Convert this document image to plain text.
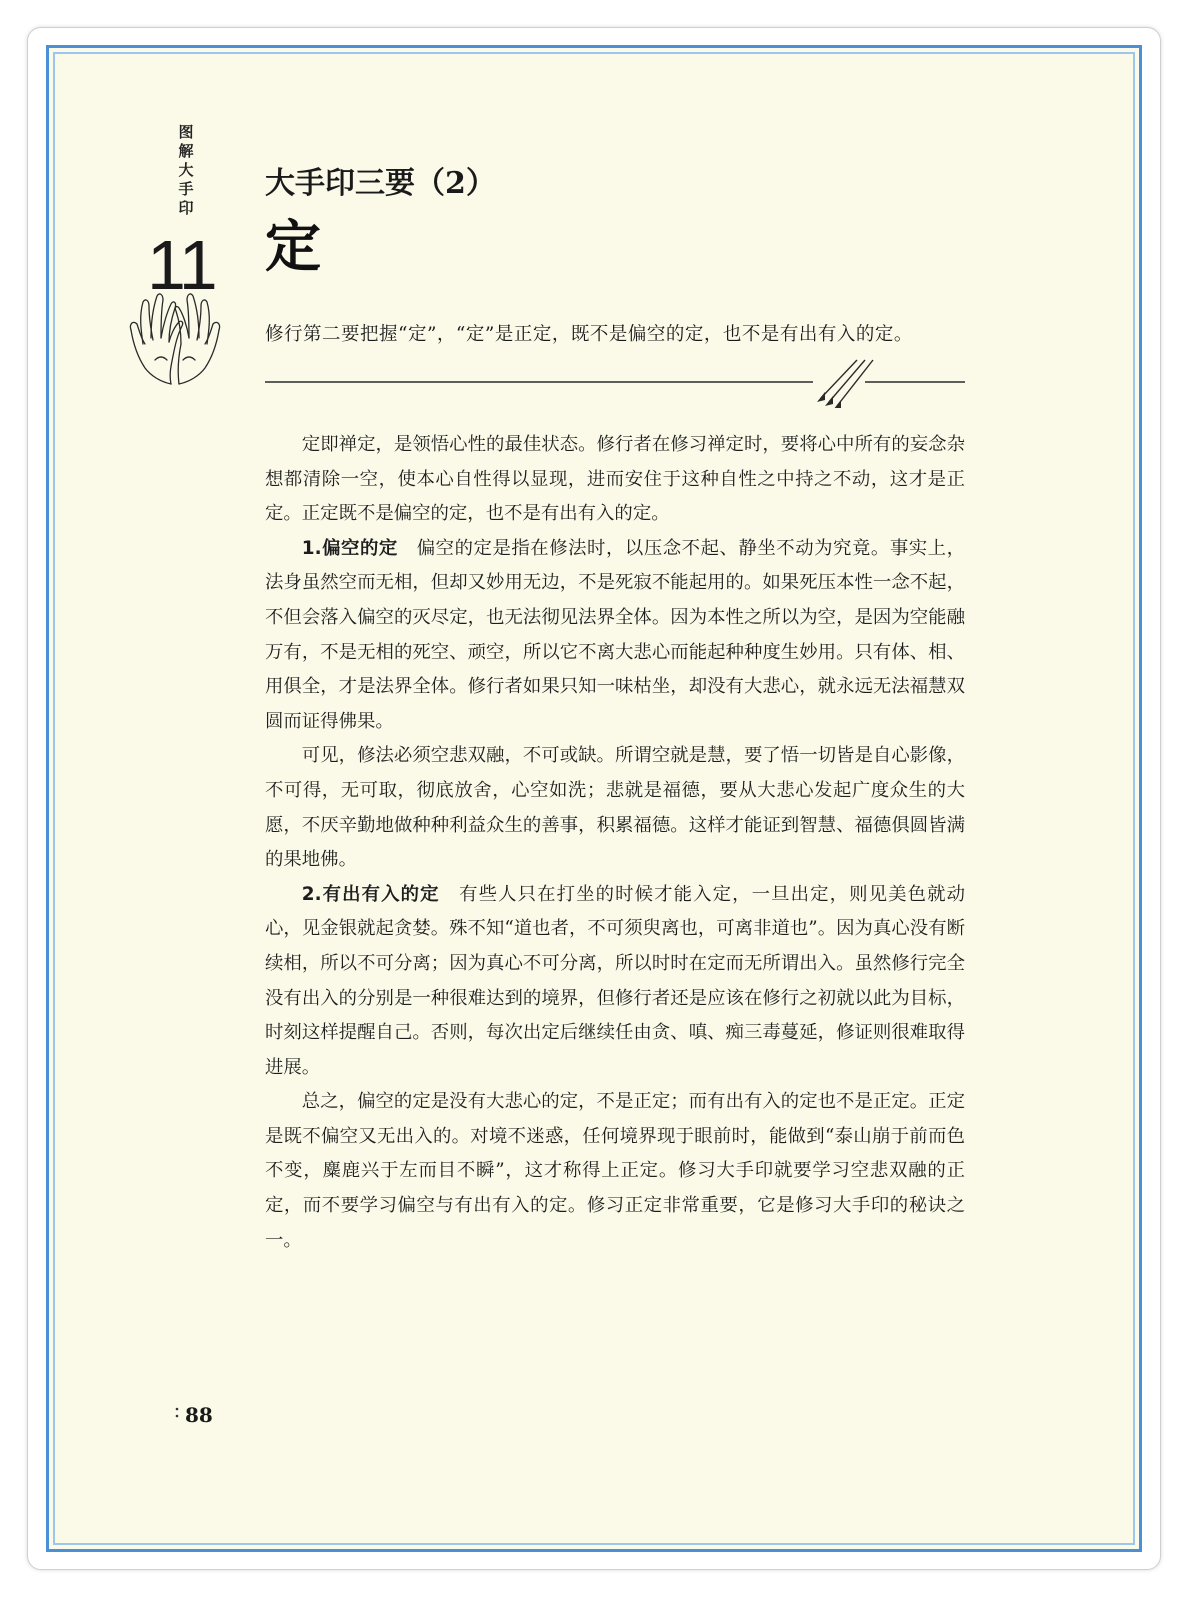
图解大手印
11
大手印三要（2）
定
修行第二要把握“定”，“定”是正定，既不是偏空的定，也不是有出有入的定。

定即禅定，是领悟心性的最佳状态。修行者在修习禅定时，要将心中所有的妄念杂想都清除一空，使本心自性得以显现，进而安住于这种自性之中持之不动，这才是正定。正定既不是偏空的定，也不是有出有入的定。

1.偏空的定　 偏空的定是指在修法时，以压念不起、静坐不动为究竟。事实上，法身虽然空而无相，但却又妙用无边，不是死寂不能起用的。如果死压本性一念不起，不但会落入偏空的灭尽定，也无法彻见法界全体。因为本性之所以为空，是因为空能融万有，不是无相的死空、顽空，所以它不离大悲心而能起种种度生妙用。只有体、相、用俱全，才是法界全体。修行者如果只知一味枯坐，却没有大悲心，就永远无法福慧双圆而证得佛果。

可见，修法必须空悲双融，不可或缺。所谓空就是慧，要了悟一切皆是自心影像，不可得，无可取，彻底放舍，心空如洗；悲就是福德，要从大悲心发起广度众生的大愿，不厌辛勤地做种种利益众生的善事，积累福德。这样才能证到智慧、福德俱圆皆满的果地佛。

2.有出有入的定　 有些人只在打坐的时候才能入定，一旦出定，则见美色就动心，见金银就起贪婪。殊不知“道也者，不可须臾离也，可离非道也”。因为真心没有断续相，所以不可分离；因为真心不可分离，所以时时在定而无所谓出入。虽然修行完全没有出入的分别是一种很难达到的境界，但修行者还是应该在修行之初就以此为目标，时刻这样提醒自己。否则，每次出定后继续任由贪、嗔、痴三毒蔓延，修证则很难取得进展。

总之，偏空的定是没有大悲心的定，不是正定；而有出有入的定也不是正定。正定是既不偏空又无出入的。对境不迷惑，任何境界现于眼前时，能做到“泰山崩于前而色不变，麋鹿兴于左而目不瞬”，这才称得上正定。修习大手印就要学习空悲双融的正定，而不要学习偏空与有出有入的定。修习正定非常重要，它是修习大手印的秘诀之一。

88
